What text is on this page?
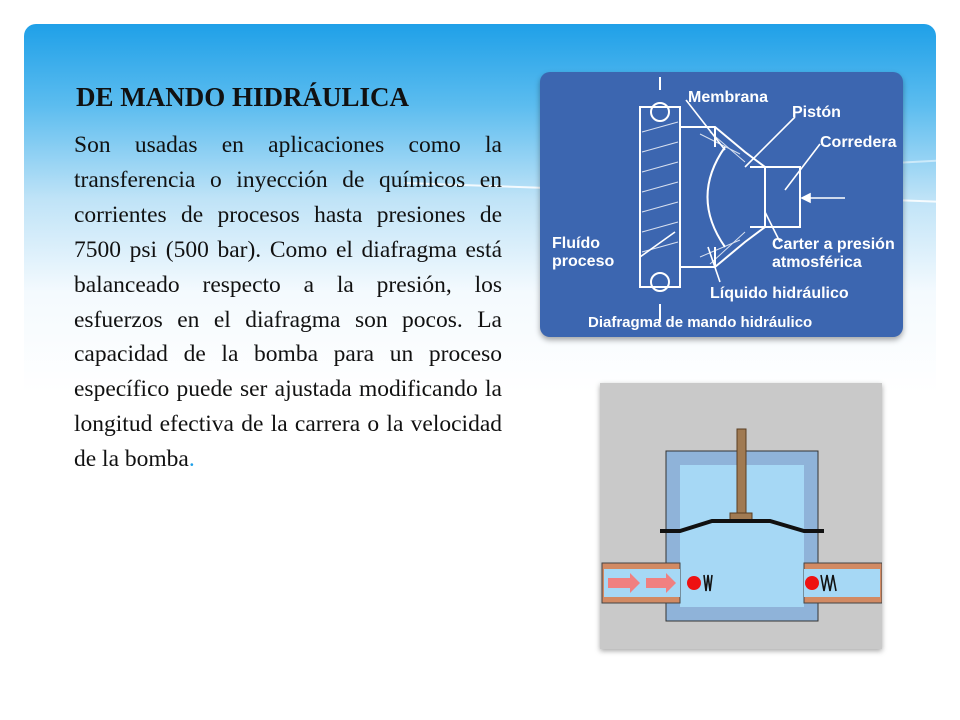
DE MANDO HIDRÁULICA

Son usadas en aplicaciones como la transferencia o inyección de químicos en corrientes de procesos hasta presiones de 7500 psi (500 bar). Como el diafragma está balanceado respecto a la presión, los esfuerzos en el diafragma son pocos. La capacidad de la bomba para un proceso específico puede ser ajustada modificando la longitud efectiva de la carrera o la velocidad de la bomba.

Membrana
Pistón
Corredera
Fluído
proceso
Carter a presión
atmosférica
Líquido hidráulico
Diafragma de mando hidráulico
